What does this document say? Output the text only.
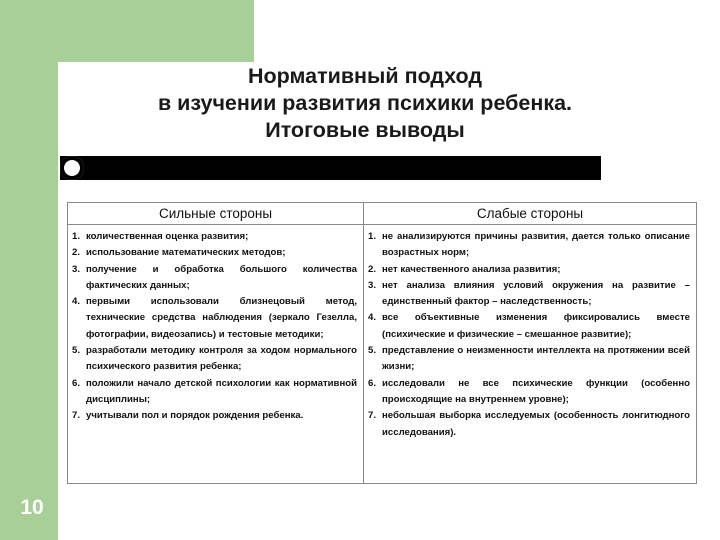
10
Нормативный подход
в изучении развития психики ребенка.
Итоговые выводы
Сильные стороны
1. количественная оценка развития;
2. использование математических методов;
3. получение и обработка большого количества фактических данных;
4. первыми использовали близнецовый метод, технические средства наблюдения (зеркало Гезелла, фотографии, видеозапись) и тестовые методики;
5. разработали методику контроля за ходом нормального психического развития ребенка;
6. положили начало детской психологии как нормативной дисциплины;
7. учитывали пол и порядок рождения ребенка.
Слабые стороны
1. не анализируются причины развития, дается только описание возрастных норм;
2. нет качественного анализа развития;
3. нет анализа влияния условий окружения на развитие – единственный фактор – наследственность;
4. все объективные изменения фиксировались вместе (психические и физические – смешанное развитие);
5. представление о неизменности интеллекта на протяжении всей жизни;
6. исследовали не все психические функции (особенно происходящие на внутреннем уровне);
7. небольшая выборка исследуемых (особенность лонгитюдного исследования).
